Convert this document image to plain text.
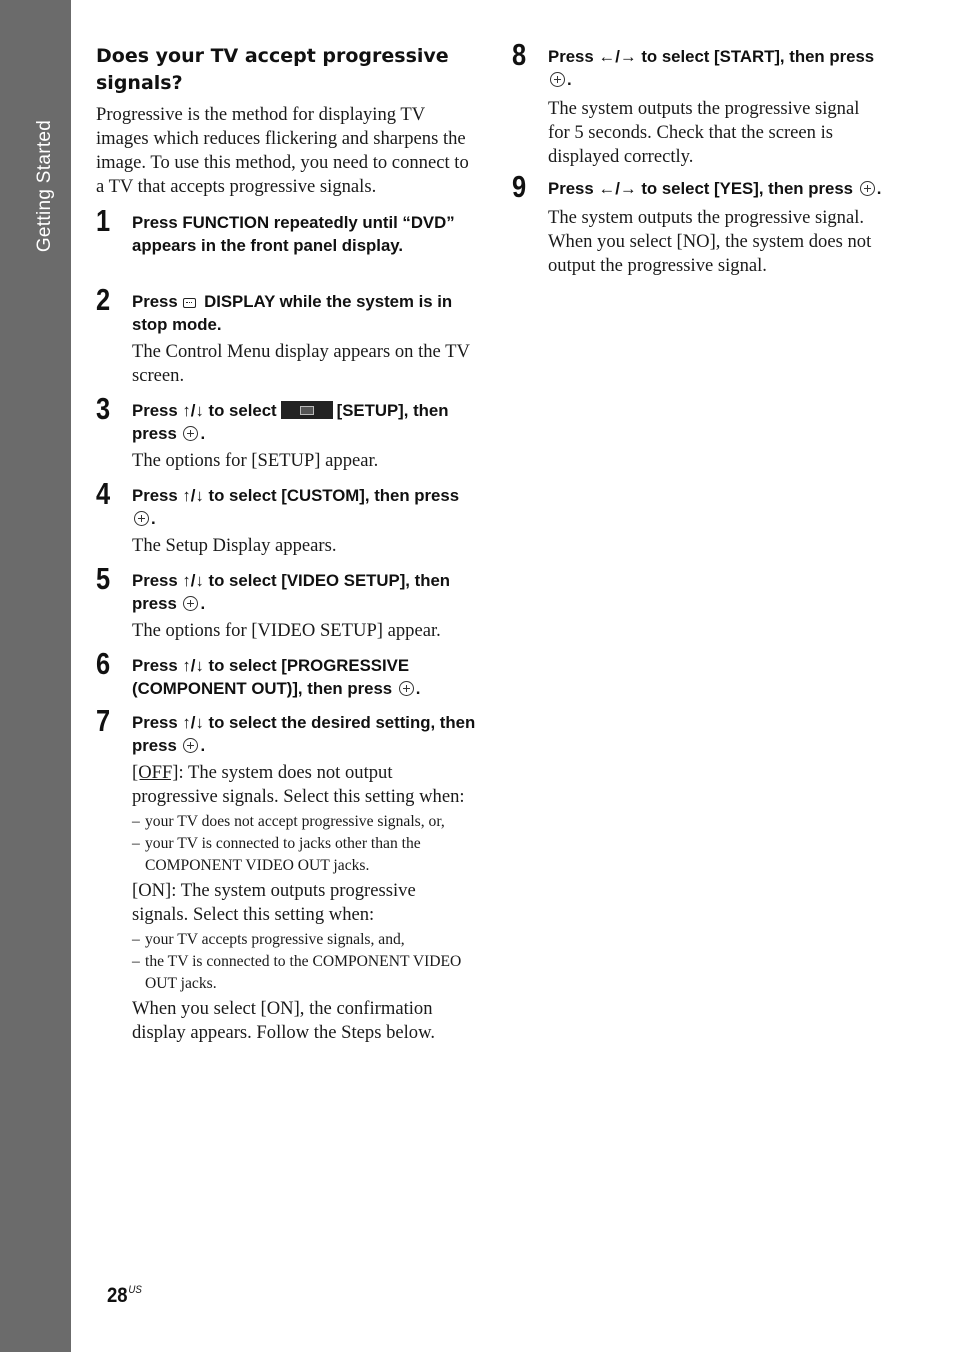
Getting Started
Does your TV accept progressive signals?

Progressive is the method for displaying TV images which reduces flickering and sharpens the image. To use this method, you need to connect to a TV that accepts progressive signals.

1 Press FUNCTION repeatedly until “DVD” appears in the front panel display.

2 Press DISPLAY while the system is in stop mode.

The Control Menu display appears on the TV screen.

3 Press ↑/↓ to select	[SETUP], then press .

The options for [SETUP] appear.

4 Press ↑/↓ to select [CUSTOM], then press .

The Setup Display appears.

5 Press ↑/↓ to select [VIDEO SETUP], then press .

The options for [VIDEO SETUP] appear.

6 Press ↑/↓ to select [PROGRESSIVE (COMPONENT OUT)], then press .

7 Press ↑/↓ to select the desired setting, then press .

[OFF]: The system does not output progressive signals. Select this setting when:

– your TV does not accept progressive signals, or,
– your TV is connected to jacks other than the COMPONENT VIDEO OUT jacks.

[ON]: The system outputs progressive signals. Select this setting when:

– your TV accepts progressive signals, and,
– the TV is connected to the COMPONENT VIDEO OUT jacks.

When you select [ON], the confirmation display appears. Follow the Steps below.

8 Press ←/→ to select [START], then press .

The system outputs the progressive signal for 5 seconds. Check that the screen is displayed correctly.

9 Press ←/→ to select [YES], then press .

The system outputs the progressive signal. When you select [NO], the system does not output the progressive signal.

$28^{US}$
